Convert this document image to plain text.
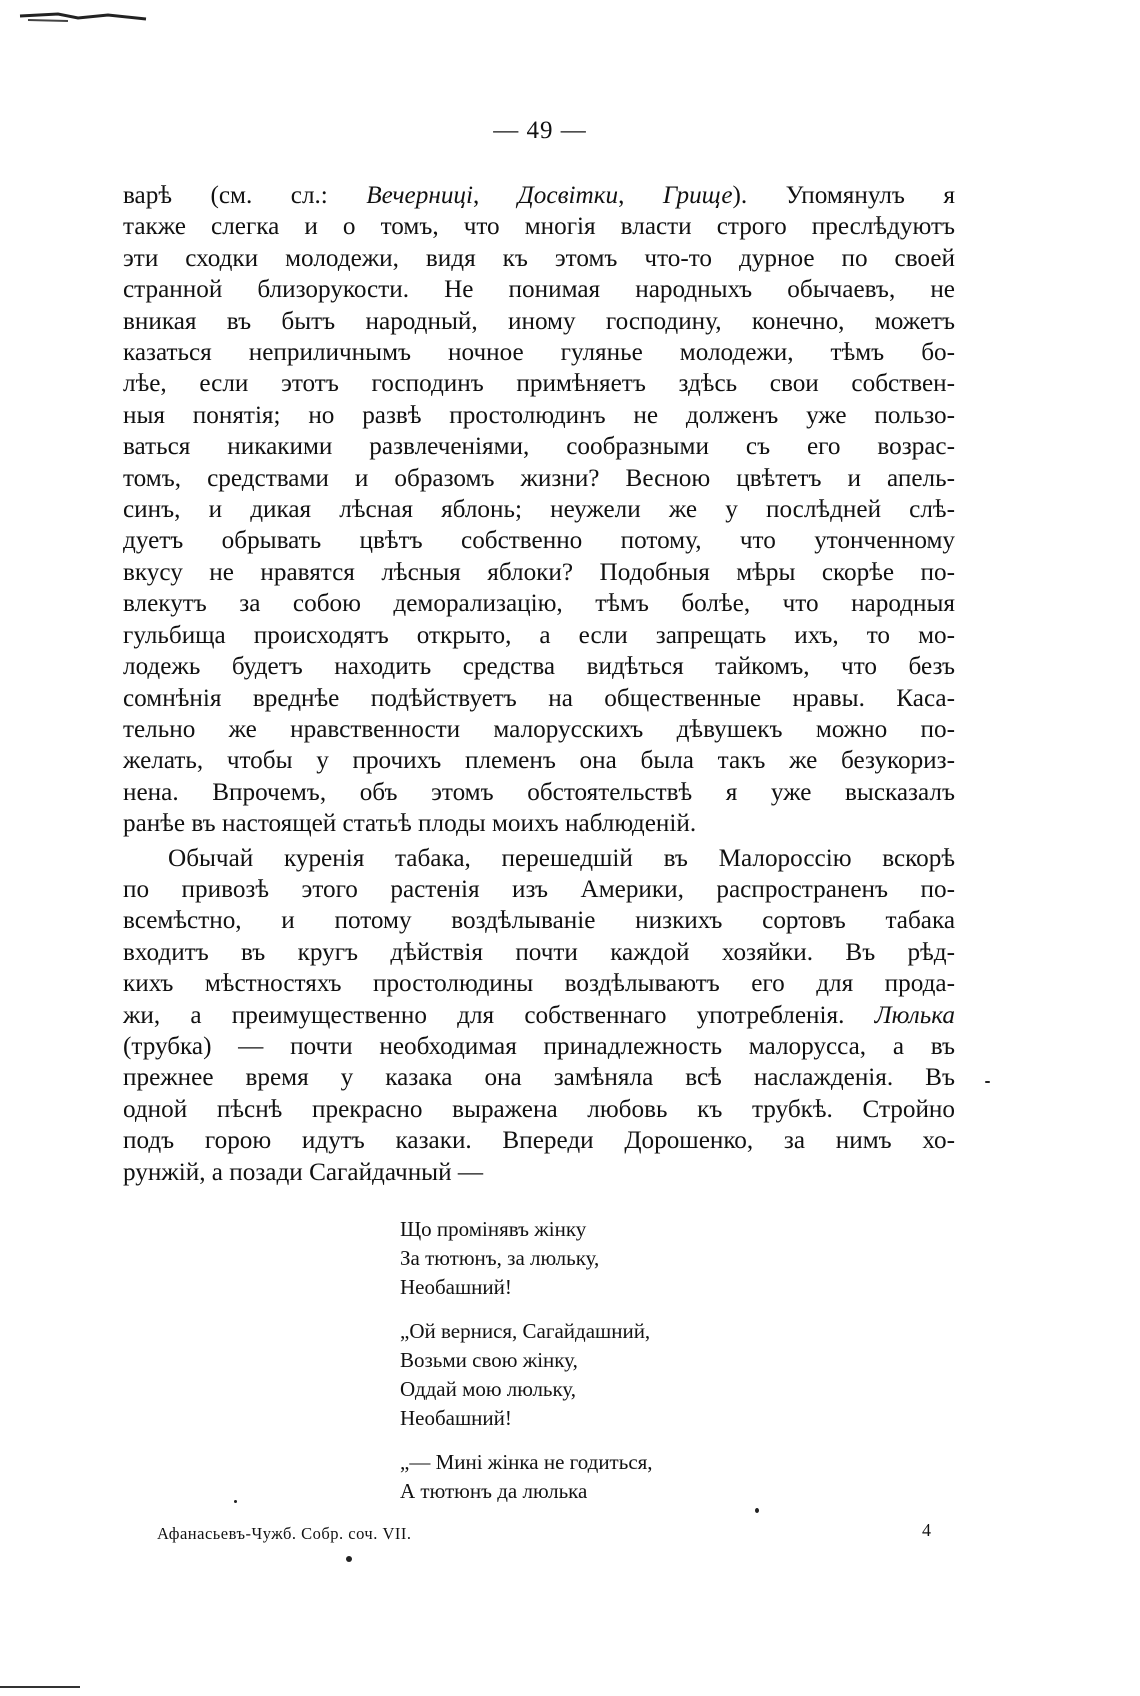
— 49 —
варѣ (см. сл.: Вечерниці, Досвітки, Грище). Упомянулъ я
также слегка и о томъ, что многія власти строго преслѣдуютъ
эти сходки молодежи, видя къ этомъ что-то дурное по своей
странной близорукости. Не понимая народныхъ обычаевъ, не
вникая въ бытъ народный, иному господину, конечно, можетъ
казаться неприличнымъ ночное гулянье молодежи, тѣмъ бо-
лѣе, если этотъ господинъ примѣняетъ здѣсь свои собствен-
ныя понятія; но развѣ простолюдинъ не долженъ уже пользо-
ваться никакими развлеченіями, сообразными съ его возрас-
томъ, средствами и образомъ жизни? Весною цвѣтетъ и апель-
синъ, и дикая лѣсная яблонь; неужели же у послѣдней слѣ-
дуетъ обрывать цвѣтъ собственно потому, что утонченному
вкусу не нравятся лѣсныя яблоки? Подобныя мѣры скорѣе по-
влекутъ за собою деморализацію, тѣмъ болѣе, что народныя
гульбища происходятъ открыто, а если запрещать ихъ, то мо-
лодежь будетъ находить средства видѣться тайкомъ, что безъ
сомнѣнія вреднѣе подѣйствуетъ на общественные нравы. Каса-
тельно же нравственности малорусскихъ дѣвушекъ можно по-
желать, чтобы у прочихъ племенъ она была такъ же безукориз-
нена. Впрочемъ, объ этомъ обстоятельствѣ я уже высказалъ
ранѣе въ настоящей статьѣ плоды моихъ наблюденій.
Обычай куренія табака, перешедшій въ Малороссію вскорѣ
по привозѣ этого растенія изъ Америки, распространенъ по-
всемѣстно, и потому воздѣлываніе низкихъ сортовъ табака
входитъ въ кругъ дѣйствія почти каждой хозяйки. Въ рѣд-
кихъ мѣстностяхъ простолюдины воздѣлываютъ его для прода-
жи, а преимущественно для собственнаго употребленія. Люлька
(трубка) — почти необходимая принадлежность малорусса, а въ
прежнее время у казака она замѣняла всѣ наслажденія. Въ
одной пѣснѣ прекрасно выражена любовь къ трубкѣ. Стройно
подъ горою идутъ казаки. Впереди Дорошенко, за нимъ хо-
рунжій, а позади Сагайдачный —
Що промінявъ жінку
За тютюнъ, за люльку,
Необашний!
„Ой вернися, Сагайдашний,
Возьми свою жінку,
Оддай мою люльку,
Необашний!
„— Мині жінка не годиться,
А тютюнъ да люлька
Афанасьевъ-Чужб. Собр. соч. VII.	4
